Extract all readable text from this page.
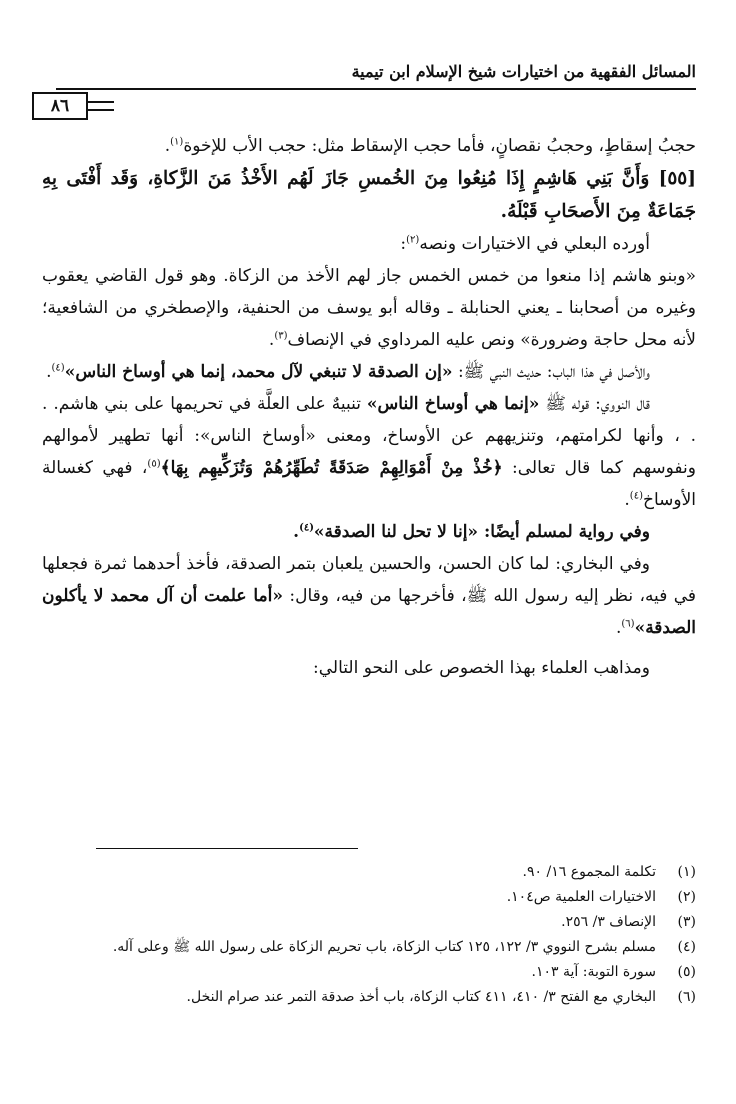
المسائل الفقهية من اختيارات شيخ الإسلام ابن تيمية
٨٦

حجبُ إسقاطٍ، وحجبُ نقصانٍ، فأما حجب الإسقاط مثل: حجب الأب للإخوة$^{(١)}$.

[٥٥] وَأَنَّ بَنِي هَاشِمٍ إِذَا مُنِعُوا مِنَ الخُمسِ جَازَ لَهُم الأَخْذُ مَنَ الزَّكاةِ، وَقَد أَفْتَى بِهِ جَمَاعَةٌ مِنَ الأَصحَابِ قَبْلَهُ.

أورده البعلي في الاختيارات ونصه$^{(٢)}$:

«وبنو هاشم إذا منعوا من خمس الخمس جاز لهم الأخذ من الزكاة. وهو قول القاضي يعقوب وغيره من أصحابنا ـ يعني الحنابلة ـ وقاله أبو يوسف من الحنفية، والإصطخري من الشافعية؛ لأنه محل حاجة وضرورة» ونص عليه المرداوي في الإنصاف$^{(٣)}$.

والأصل في هذا الباب: حديث النبي ﷺ: «إن الصدقة لا تنبغي لآل محمد، إنما هي أوساخ الناس»$^{(٤)}$.

قال النووي: قوله ﷺ «إنما هي أوساخ الناس» تنبيهٌ على العلَّة في تحريمها على بني هاشم. . . ، وأنها لكرامتهم، وتنزيههم عن الأوساخ، ومعنى «أوساخ الناس»: أنها تطهير لأموالهم ونفوسهم كما قال تعالى: ﴿خُذْ مِنْ أَمْوَالِهِمْ صَدَقَةً تُطَهِّرُهُمْ وَتُزَكِّيهِم بِهَا﴾$^{(٥)}$، فهي كغسالة الأوساخ$^{(٤)}$.

وفي رواية لمسلم أيضًا: «إنا لا تحل لنا الصدقة»$^{(٤)}$.

وفي البخاري: لما كان الحسن، والحسين يلعبان بتمر الصدقة، فأخذ أحدهما ثمرة فجعلها في فيه، نظر إليه رسول الله ﷺ، فأخرجها من فيه، وقال: «أما علمت أن آل محمد لا يأكلون الصدقة»$^{(٦)}$.

ومذاهب العلماء بهذا الخصوص على النحو التالي:

(١)
تكلمة المجموع ١٦/ ٩٠.
(٢)
الاختيارات العلمية ص١٠٤.
(٣)
الإنصاف ٣/ ٢٥٦.
(٤)
مسلم بشرح النووي ٣/ ١٢٢، ١٢٥ كتاب الزكاة، باب تحريم الزكاة على رسول الله ﷺ وعلى آله.
(٥)
سورة التوبة: آية ١٠٣.
(٦)
البخاري مع الفتح ٣/ ٤١٠، ٤١١ كتاب الزكاة، باب أخذ صدقة التمر عند صرام النخل.
